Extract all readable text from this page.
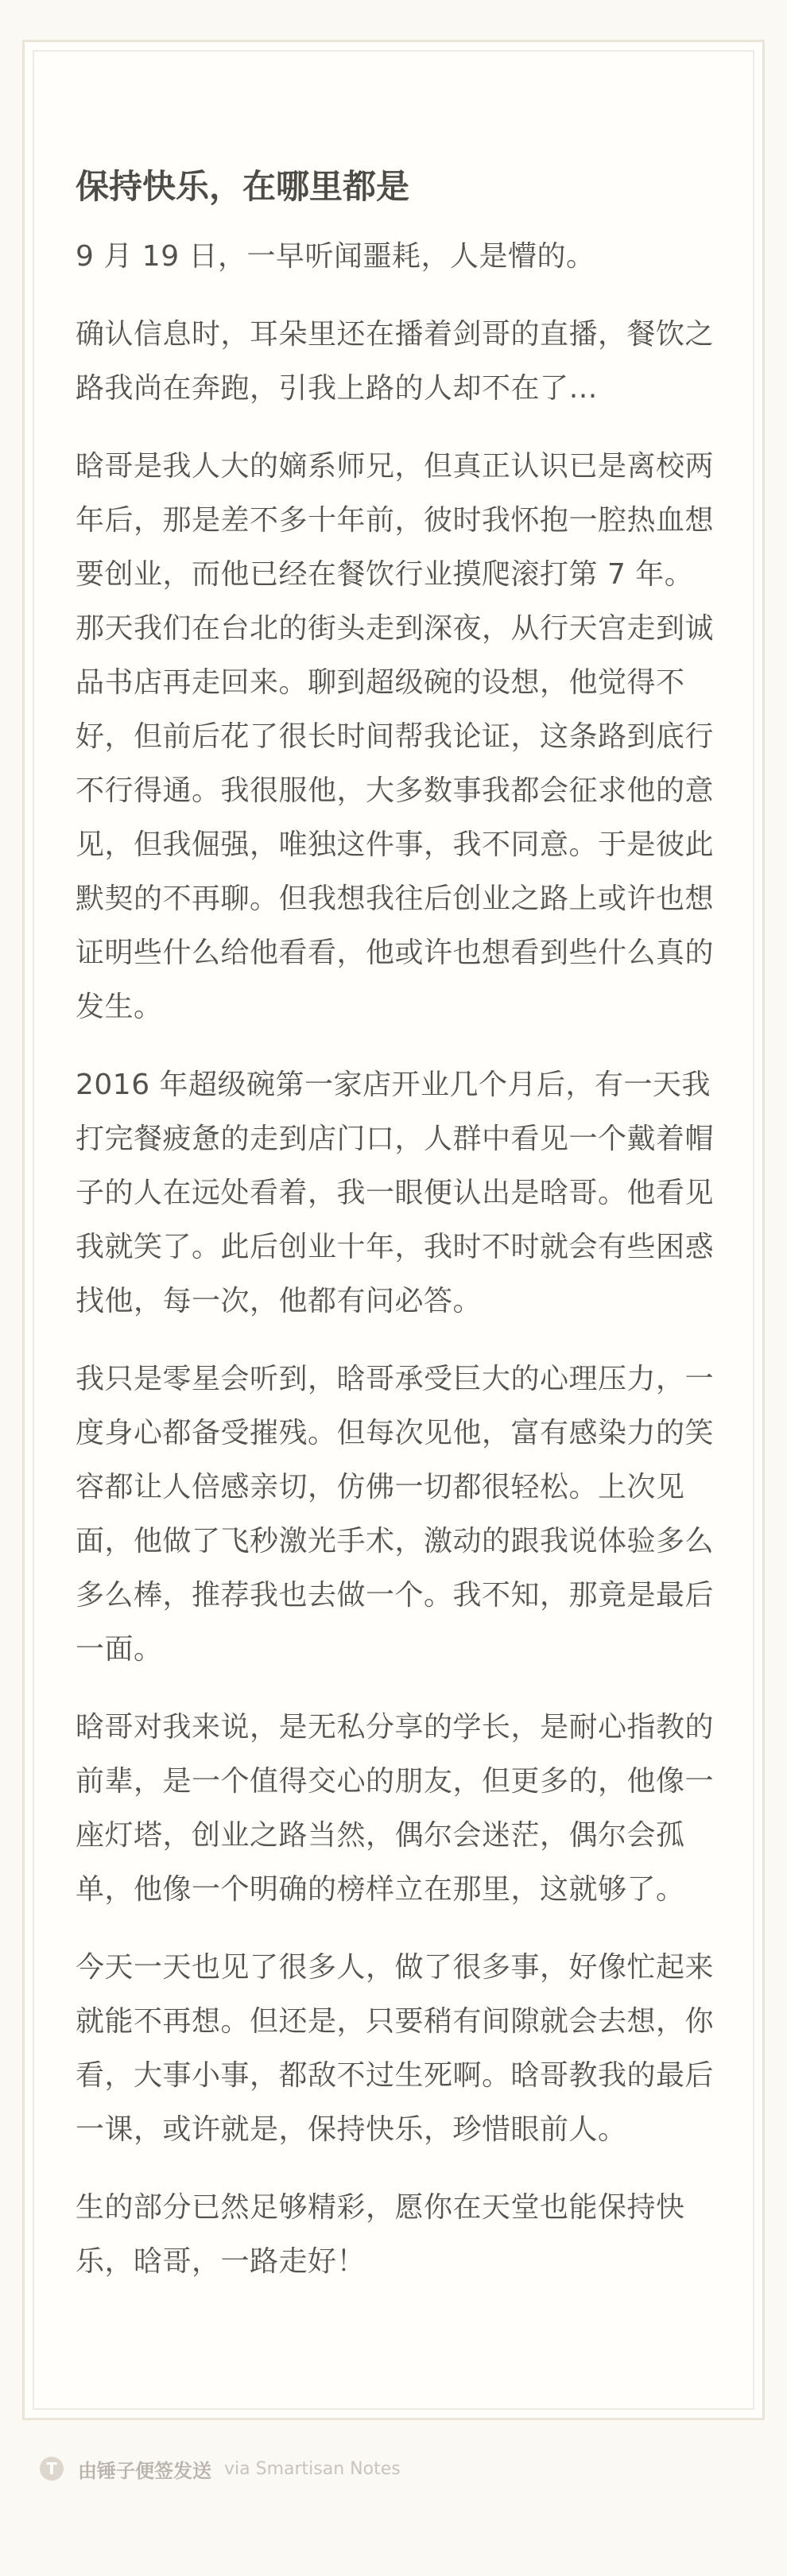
保持快乐，在哪里都是

9 月 19 日，一早听闻噩耗，人是懵的。

确认信息时，耳朵里还在播着剑哥的直播，餐饮之路我尚在奔跑，引我上路的人却不在了…

晗哥是我人大的嫡系师兄，但真正认识已是离校两年后，那是差不多十年前，彼时我怀抱一腔热血想要创业，而他已经在餐饮行业摸爬滚打第 7 年。那天我们在台北的街头走到深夜，从行天宫走到诚品书店再走回来。聊到超级碗的设想，他觉得不好，但前后花了很长时间帮我论证，这条路到底行不行得通。我很服他，大多数事我都会征求他的意见，但我倔强，唯独这件事，我不同意。于是彼此默契的不再聊。但我想我往后创业之路上或许也想证明些什么给他看看，他或许也想看到些什么真的发生。

2016 年超级碗第一家店开业几个月后，有一天我打完餐疲惫的走到店门口，人群中看见一个戴着帽子的人在远处看着，我一眼便认出是晗哥。他看见我就笑了。此后创业十年，我时不时就会有些困惑找他，每一次，他都有问必答。

我只是零星会听到，晗哥承受巨大的心理压力，一度身心都备受摧残。但每次见他，富有感染力的笑容都让人倍感亲切，仿佛一切都很轻松。上次见面，他做了飞秒激光手术，激动的跟我说体验多么多么棒，推荐我也去做一个。我不知，那竟是最后一面。

晗哥对我来说，是无私分享的学长，是耐心指教的前辈，是一个值得交心的朋友，但更多的，他像一座灯塔，创业之路当然，偶尔会迷茫，偶尔会孤单，他像一个明确的榜样立在那里，这就够了。

今天一天也见了很多人，做了很多事，好像忙起来就能不再想。但还是，只要稍有间隙就会去想，你看，大事小事，都敌不过生死啊。晗哥教我的最后一课，或许就是，保持快乐，珍惜眼前人。

生的部分已然足够精彩，愿你在天堂也能保持快乐，晗哥，一路走好！

T	由锤子便签发送 via Smartisan Notes
